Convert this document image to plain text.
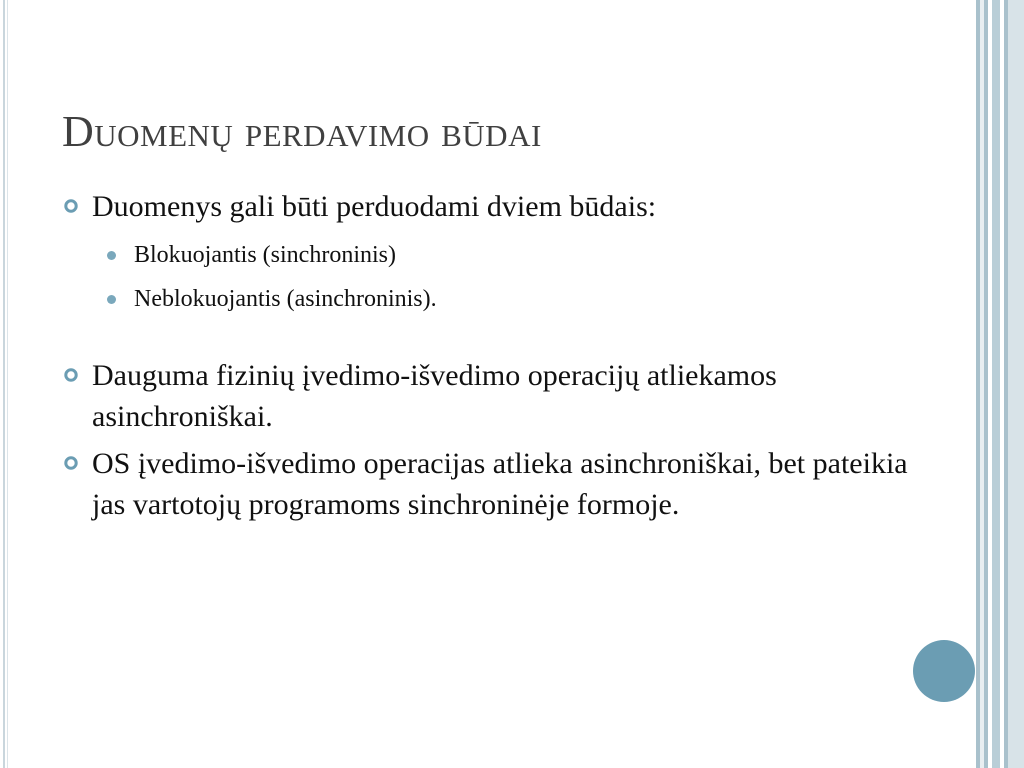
Duomenų perdavimo būdai
Duomenys gali būti perduodami dviem būdais:
Blokuojantis (sinchroninis)
Neblokuojantis (asinchroninis).
Dauguma fizinių įvedimo-išvedimo operacijų atliekamos asinchroniškai.
OS įvedimo-išvedimo operacijas atlieka asinchroniškai, bet pateikia jas vartotojų programoms sinchroninėje formoje.
